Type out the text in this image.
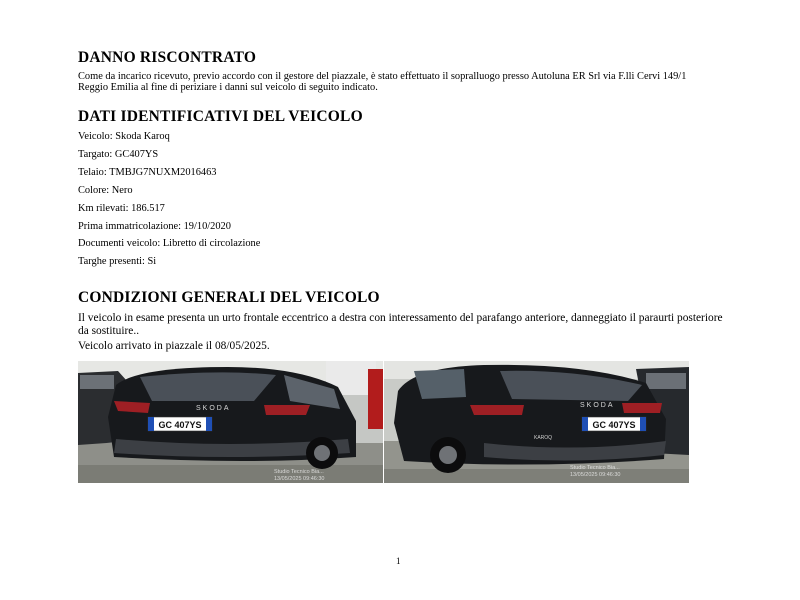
DANNO RISCONTRATO

Come da incarico ricevuto, previo accordo con il gestore del piazzale, è stato effettuato il sopralluogo presso Autoluna ER Srl via F.lli Cervi 149/1 Reggio Emilia al fine di periziare i danni sul veicolo di seguito indicato.

DATI IDENTIFICATIVI DEL VEICOLO

Veicolo: Skoda Karoq

Targato: GC407YS

Telaio: TMBJG7NUXM2016463

Colore: Nero

Km rilevati: 186.517

Prima immatricolazione: 19/10/2020

Documenti veicolo: Libretto di circolazione

Targhe presenti: Si

CONDIZIONI GENERALI DEL VEICOLO

Il veicolo in esame presenta un urto frontale eccentrico a destra con interessamento del parafango anteriore, danneggiato il paraurti posteriore da sostituire..

Veicolo arrivato in piazzale il 08/05/2025.

SKODA
GC 407YS
Studio Tecnico Bia...
13/05/2025 09:46:30
SKODA
KAROQ
GC 407YS
Studio Tecnico Bia...
13/05/2025 09:46:30
1
